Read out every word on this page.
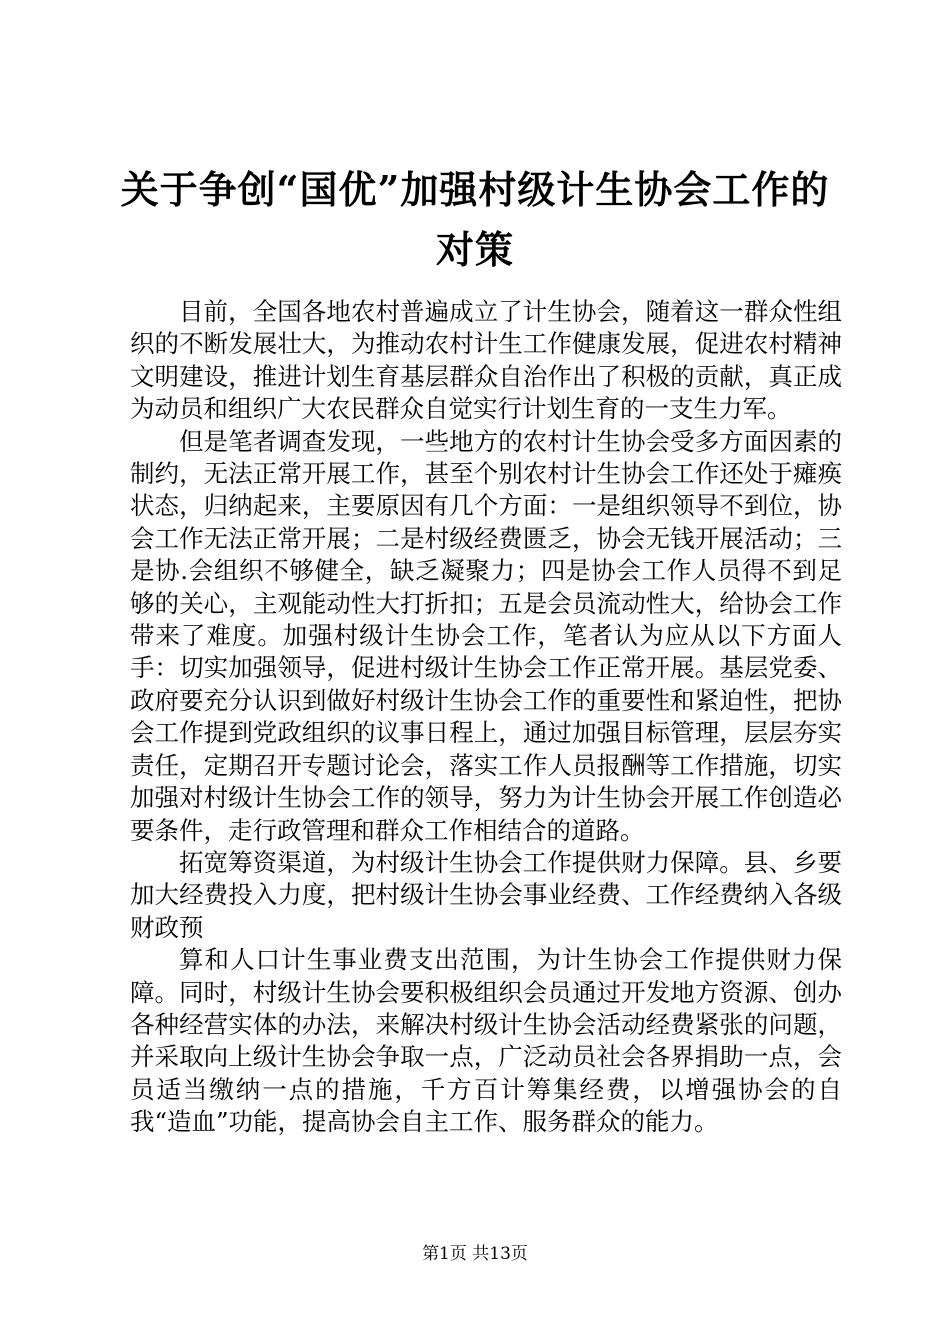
关于争创“国优”加强村级计生协会工作的对策

目前，全国各地农村普遍成立了计生协会，随着这一群众性组织的不断发展壮大，为推动农村计生工作健康发展，促进农村精神文明建设，推进计划生育基层群众自治作出了积极的贡献，真正成为动员和组织广大农民群众自觉实行计划生育的一支生力军。

但是笔者调查发现，一些地方的农村计生协会受多方面因素的制约，无法正常开展工作，甚至个别农村计生协会工作还处于瘫痪状态，归纳起来，主要原因有几个方面：一是组织领导不到位，协会工作无法正常开展；二是村级经费匮乏，协会无钱开展活动；三是协.会组织不够健全，缺乏凝聚力；四是协会工作人员得不到足够的关心，主观能动性大打折扣；五是会员流动性大，给协会工作带来了难度。加强村级计生协会工作，笔者认为应从以下方面人手：切实加强领导，促进村级计生协会工作正常开展。基层党委、政府要充分认识到做好村级计生协会工作的重要性和紧迫性，把协会工作提到党政组织的议事日程上，通过加强目标管理，层层夯实责任，定期召开专题讨论会，落实工作人员报酬等工作措施，切实加强对村级计生协会工作的领导，努力为计生协会开展工作创造必要条件，走行政管理和群众工作相结合的道路。

拓宽筹资渠道，为村级计生协会工作提供财力保障。县、乡要加大经费投入力度，把村级计生协会事业经费、工作经费纳入各级财政预

算和人口计生事业费支出范围，为计生协会工作提供财力保障。同时，村级计生协会要积极组织会员通过开发地方资源、创办各种经营实体的办法，来解决村级计生协会活动经费紧张的问题，并采取向上级计生协会争取一点，广泛动员社会各界捐助一点，会员适当缴纳一点的措施，千方百计筹集经费，以增强协会的自我“造血”功能，提高协会自主工作、服务群众的能力。

第1页 共13页
